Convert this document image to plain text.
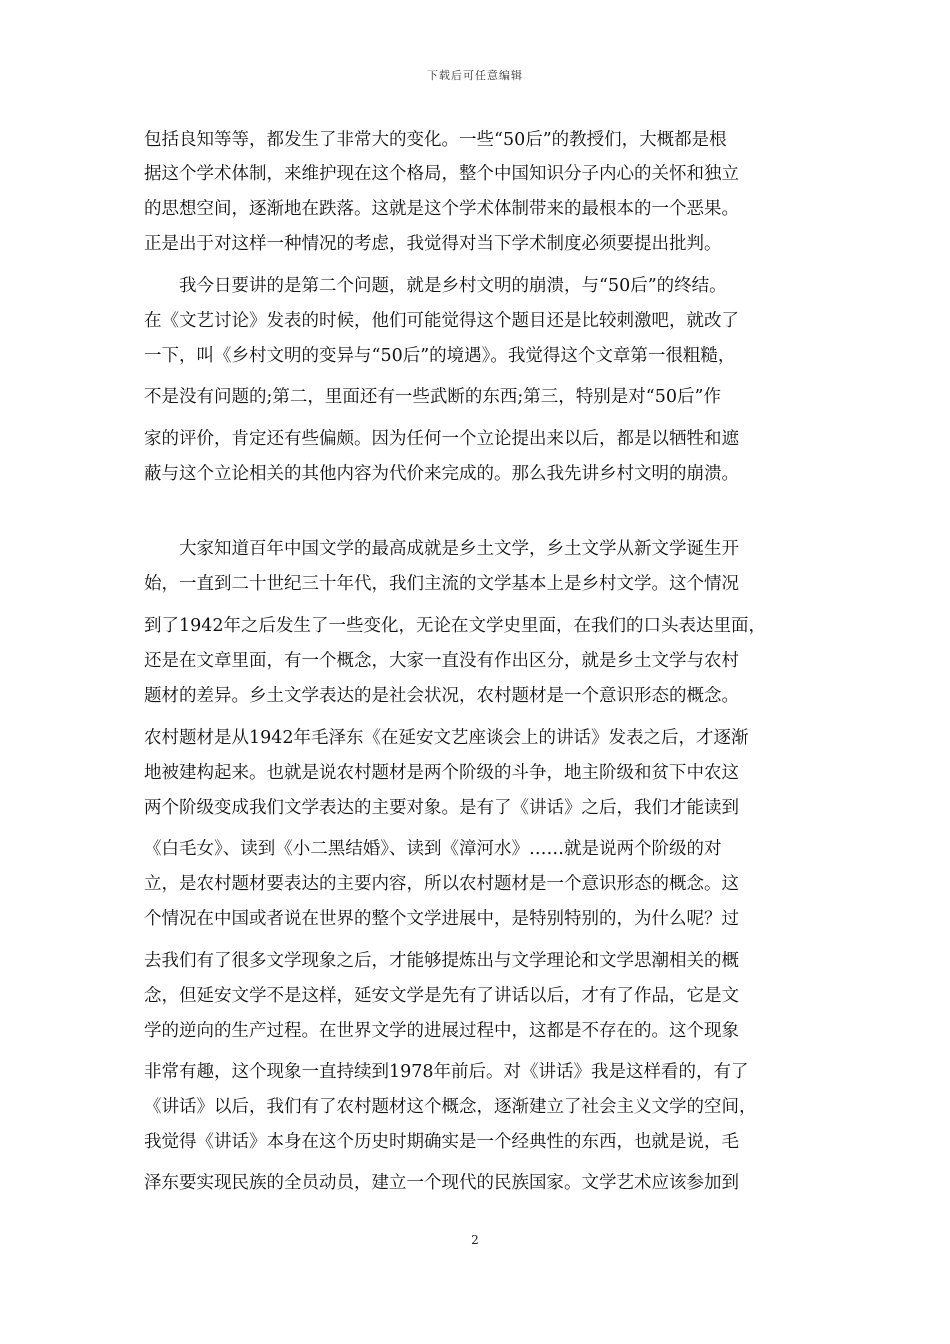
下载后可任意编辑
包括良知等等，都发生了非常大的变化。一些“50后”的教授们，大概都是根
据这个学术体制，来维护现在这个格局，整个中国知识分子内心的关怀和独立
的思想空间，逐渐地在跌落。这就是这个学术体制带来的最根本的一个恶果。
正是出于对这样一种情况的考虑，我觉得对当下学术制度必须要提出批判。
　　我今日要讲的是第二个问题，就是乡村文明的崩溃，与“50后”的终结。
在《文艺讨论》发表的时候，他们可能觉得这个题目还是比较刺激吧，就改了
一下，叫《乡村文明的变异与“50后”的境遇》。我觉得这个文章第一很粗糙，
不是没有问题的;第二，里面还有一些武断的东西;第三，特别是对“50后”作
家的评价，肯定还有些偏颇。因为任何一个立论提出来以后，都是以牺牲和遮
蔽与这个立论相关的其他内容为代价来完成的。那么我先讲乡村文明的崩溃。
　　大家知道百年中国文学的最高成就是乡土文学，乡土文学从新文学诞生开
始，一直到二十世纪三十年代，我们主流的文学基本上是乡村文学。这个情况
到了1942年之后发生了一些变化，无论在文学史里面，在我们的口头表达里面，
还是在文章里面，有一个概念，大家一直没有作出区分，就是乡土文学与农村
题材的差异。乡土文学表达的是社会状况，农村题材是一个意识形态的概念。
农村题材是从1942年毛泽东《在延安文艺座谈会上的讲话》发表之后，才逐渐
地被建构起来。也就是说农村题材是两个阶级的斗争，地主阶级和贫下中农这
两个阶级变成我们文学表达的主要对象。是有了《讲话》之后，我们才能读到
《白毛女》、读到《小二黑结婚》、读到《漳河水》……就是说两个阶级的对
立，是农村题材要表达的主要内容，所以农村题材是一个意识形态的概念。这
个情况在中国或者说在世界的整个文学进展中，是特别特别的，为什么呢？过
去我们有了很多文学现象之后，才能够提炼出与文学理论和文学思潮相关的概
念，但延安文学不是这样，延安文学是先有了讲话以后，才有了作品，它是文
学的逆向的生产过程。在世界文学的进展过程中，这都是不存在的。这个现象
非常有趣，这个现象一直持续到1978年前后。对《讲话》我是这样看的，有了
《讲话》以后，我们有了农村题材这个概念，逐渐建立了社会主义文学的空间，
我觉得《讲话》本身在这个历史时期确实是一个经典性的东西，也就是说，毛
泽东要实现民族的全员动员，建立一个现代的民族国家。文学艺术应该参加到
2
